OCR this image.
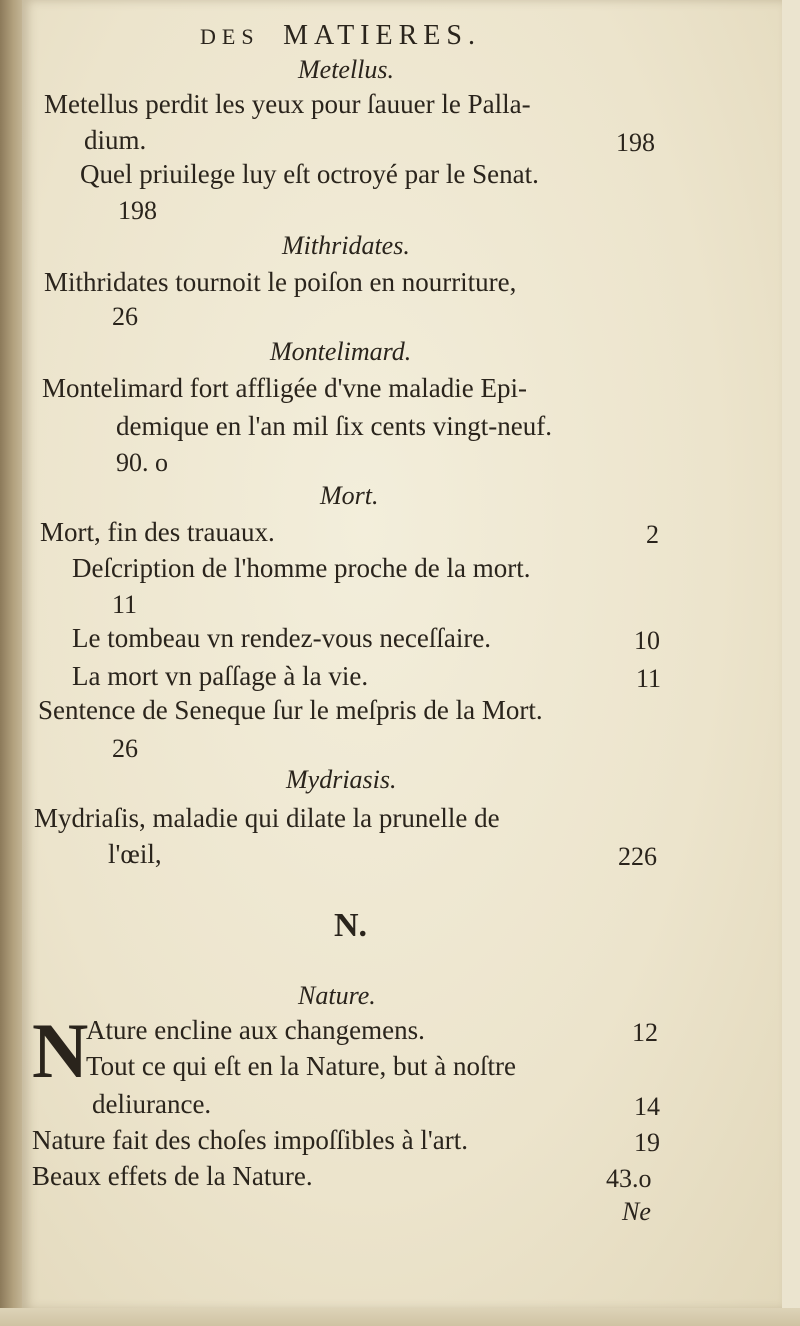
DES MATIERES.
Metellus.
Metellus perdit les yeux pour ſauuer le Palla-
dium.	198
Quel priuilege luy eſt octroyé par le Senat.
198
Mithridates.
Mithridates tournoit le poiſon en nourriture,
26
Montelimard.
Montelimard fort affligée d'vne maladie Epi-
demique en l'an mil ſix cents vingt-neuf.
90. o
Mort.
Mort, fin des trauaux.	2
Deſcription de l'homme proche de la mort.
11
Le tombeau vn rendez-vous neceſſaire.	10
La mort vn paſſage à la vie.	11
Sentence de Seneque ſur le meſpris de la Mort.
26
Mydriasis.
Mydriaſis, maladie qui dilate la prunelle de
l'œil,	226
N.
Nature.
N
Ature encline aux changemens.	12
Tout ce qui eſt en la Nature, but à noſtre
deliurance.	14
Nature fait des choſes impoſſibles à l'art.	19
Beaux effets de la Nature.	43.o
Ne
